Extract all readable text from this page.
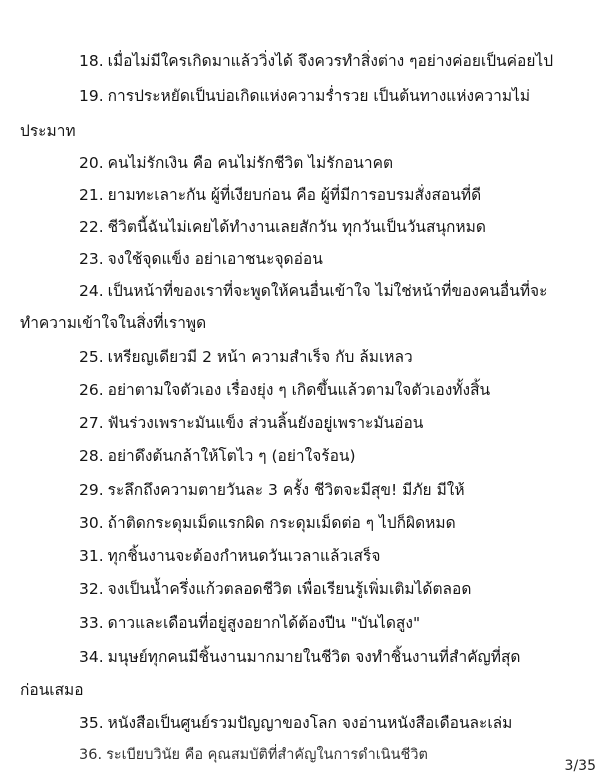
18. เมื่อไม่มีใครเกิดมาแล้ววิ่งได้ จึงควรทำสิ่งต่าง ๆอย่างค่อยเป็นค่อยไป
19. การประหยัดเป็นบ่อเกิดแห่งความร่ำรวย เป็นต้นทางแห่งความไม่
ประมาท
20. คนไม่รักเงิน คือ คนไม่รักชีวิต ไม่รักอนาคต
21. ยามทะเลาะกัน ผู้ที่เงียบก่อน คือ ผู้ที่มีการอบรมสั่งสอนที่ดี
22. ชีวิตนี้ฉันไม่เคยได้ทำงานเลยสักวัน ทุกวันเป็นวันสนุกหมด
23. จงใช้จุดแข็ง อย่าเอาชนะจุดอ่อน
24. เป็นหน้าที่ของเราที่จะพูดให้คนอื่นเข้าใจ ไม่ใช่หน้าที่ของคนอื่นที่จะ
ทำความเข้าใจในสิ่งที่เราพูด
25. เหรียญเดียวมี 2 หน้า ความสำเร็จ กับ ล้มเหลว
26. อย่าตามใจตัวเอง เรื่องยุ่ง ๆ เกิดขึ้นแล้วตามใจตัวเองทั้งสิ้น
27. ฟันร่วงเพราะมันแข็ง ส่วนลิ้นยังอยู่เพราะมันอ่อน
28. อย่าดึงต้นกล้าให้โตไว ๆ (อย่าใจร้อน)
29. ระลึกถึงความตายวันละ 3 ครั้ง ชีวิตจะมีสุข! มีภัย มีให้
30. ถ้าติดกระดุมเม็ดแรกผิด กระดุมเม็ดต่อ ๆ ไปก็ผิดหมด
31. ทุกชิ้นงานจะต้องกำหนดวันเวลาแล้วเสร็จ
32. จงเป็นน้ำครึ่งแก้วตลอดชีวิต เพื่อเรียนรู้เพิ่มเติมได้ตลอด
33. ดาวและเดือนที่อยู่สูงอยากได้ต้องปีน "บันไดสูง"
34. มนุษย์ทุกคนมีชิ้นงานมากมายในชีวิต จงทำชิ้นงานที่สำคัญที่สุด
ก่อนเสมอ
35. หนังสือเป็นศูนย์รวมปัญญาของโลก จงอ่านหนังสือเดือนละเล่ม
36. ระเบียบวินัย คือ คุณสมบัติที่สำคัญในการดำเนินชีวิต
3/35
